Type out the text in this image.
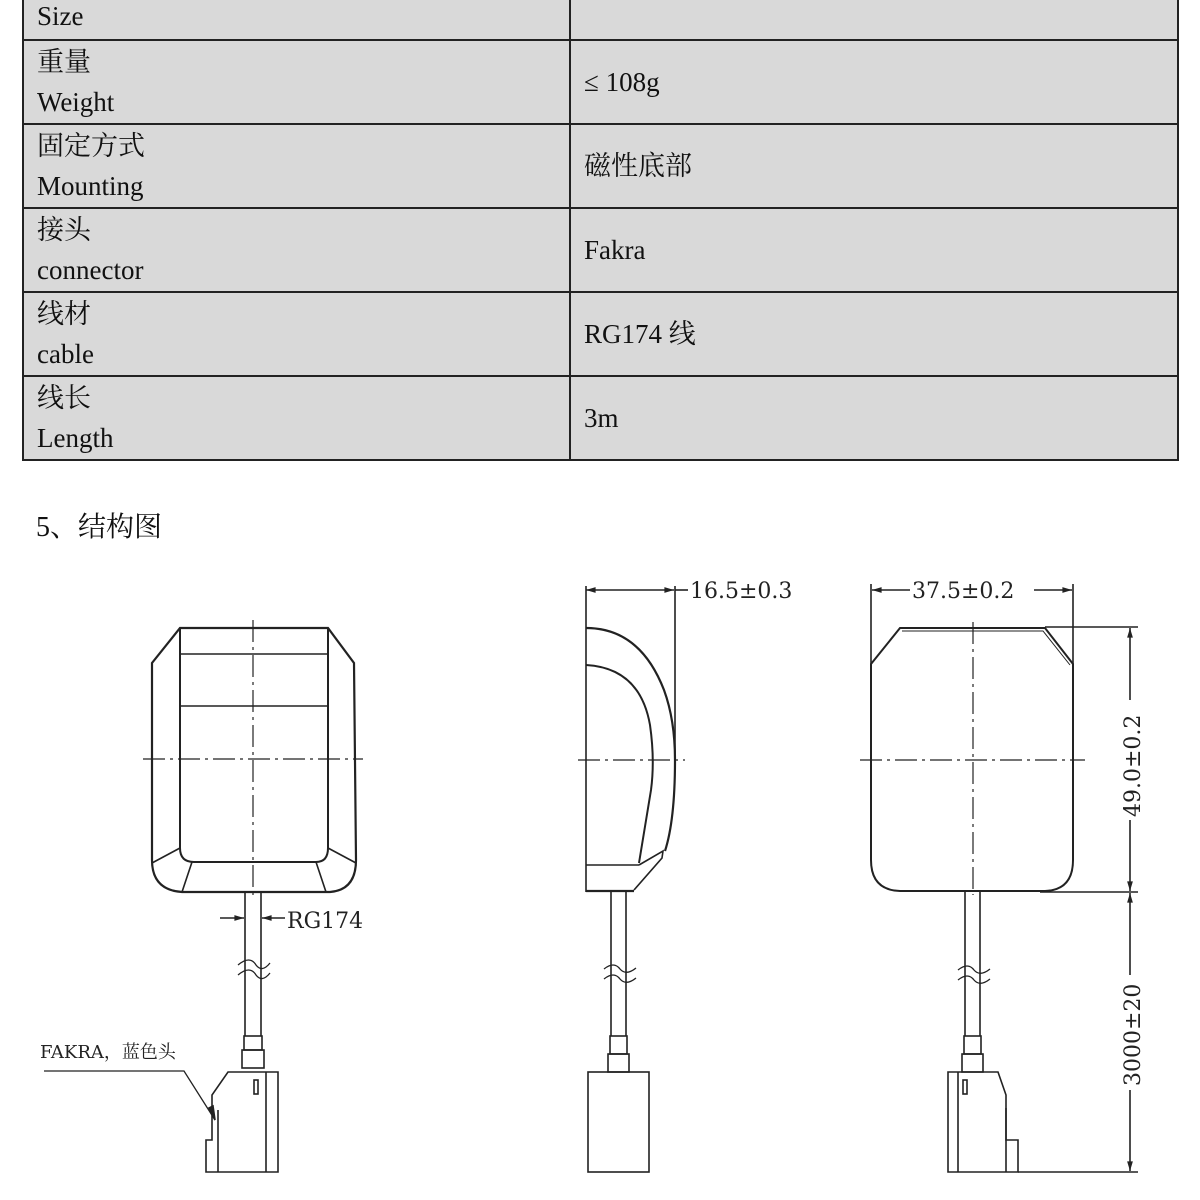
Size

重量
Weight	≤ 108g

固定方式
Mounting	磁性底部

接头
connector	Fakra

线材
cable	RG174 线

线长
Length	3m
5、结构图
RG174
FAKRA，蓝色头
16.5±0.3	37.5±0.2
49.0±0.2
3000±20
